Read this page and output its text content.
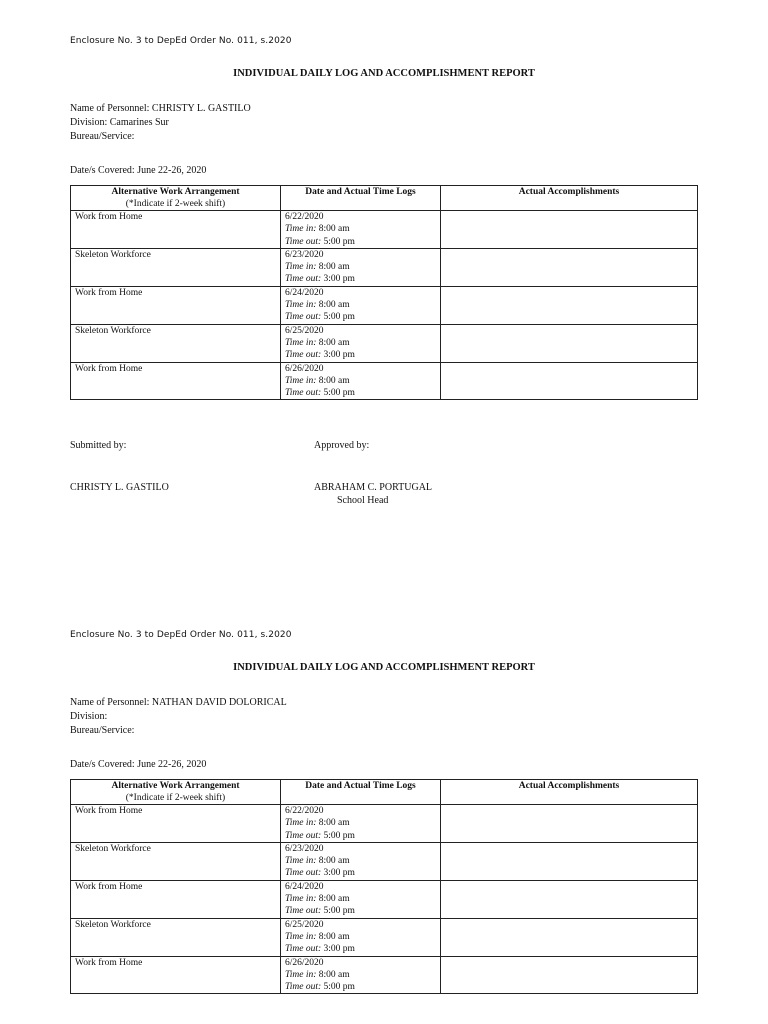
Enclosure No. 3 to DepEd Order No. 011, s.2020
INDIVIDUAL DAILY LOG AND ACCOMPLISHMENT REPORT
Name of Personnel: CHRISTY L. GASTILO
Division: Camarines Sur
Bureau/Service:
Date/s Covered: June 22-26, 2020
Alternative Work Arrangement
(*Indicate if 2-week shift)	Date and Actual Time Logs	Actual Accomplishments
Work from Home	6/22/2020
Time in: 8:00 am
Time out: 5:00 pm	

Skeleton Workforce	6/23/2020
Time in: 8:00 am
Time out: 3:00 pm	

Work from Home	6/24/2020
Time in: 8:00 am
Time out: 5:00 pm	

Skeleton Workforce	6/25/2020
Time in: 8:00 am
Time out: 3:00 pm	

Work from Home	6/26/2020
Time in: 8:00 am
Time out: 5:00 pm	

Submitted by:	Approved by:
CHRISTY L. GASTILO	ABRAHAM C. PORTUGAL
School Head
Enclosure No. 3 to DepEd Order No. 011, s.2020
INDIVIDUAL DAILY LOG AND ACCOMPLISHMENT REPORT
Name of Personnel: NATHAN DAVID DOLORICAL
Division:
Bureau/Service:
Date/s Covered: June 22-26, 2020
Alternative Work Arrangement
(*Indicate if 2-week shift)	Date and Actual Time Logs	Actual Accomplishments
Work from Home	6/22/2020
Time in: 8:00 am
Time out: 5:00 pm	

Skeleton Workforce	6/23/2020
Time in: 8:00 am
Time out: 3:00 pm	

Work from Home	6/24/2020
Time in: 8:00 am
Time out: 5:00 pm	

Skeleton Workforce	6/25/2020
Time in: 8:00 am
Time out: 3:00 pm	

Work from Home	6/26/2020
Time in: 8:00 am
Time out: 5:00 pm	
